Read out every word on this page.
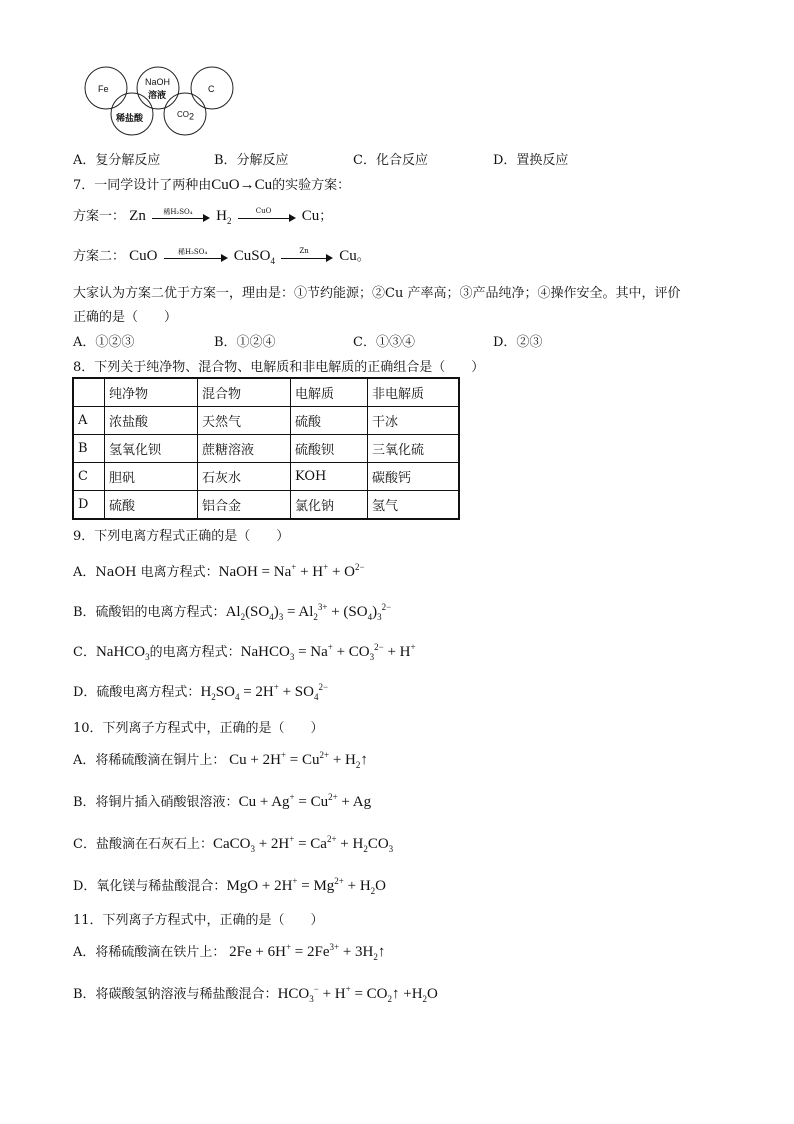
Fe
NaOH
溶液
C
稀盐酸	$CO_2$
A．复分解反应	B．分解反应	C．化合反应	D．置换反应
7．一同学设计了两种由CuO→Cu的实验方案：
方案一： Zn	稀H₂SO₄	$H_2$
CuO	Cu；
方案二： CuO	稀H₂SO₄	CuSO$_4$
Zn	Cu。
大家认为方案二优于方案一，理由是：①节约能源；②Cu 产率高；③产品纯净；④操作安全。其中，评价
正确的是（　　）
A．①②③	B．①②④	C．①③④	D．②③
8．下列关于纯净物、混合物、电解质和非电解质的正确组合是（　　）
	纯净物	混合物	电解质	非电解质
A	浓盐酸	天然气	硫酸	干冰
B	氢氧化钡	蔗糖溶液	硫酸钡	三氧化硫
C	胆矾	石灰水	KOH	碳酸钙
D	硫酸	铝合金	氯化钠	氢气
9．下列电离方程式正确的是（　　）
A．NaOH 电离方程式：NaOH = $Na^+ + H^+ + O^{2-}$
B．硫酸铝的电离方程式：$Al_2(SO_4)_3 = Al_2^{3+} + (SO_4)_3^{2-}$
C．NaHCO$_3$的电离方程式：NaHCO$_3$ = $Na^+ + CO_3^{2-} + H^+$
D．硫酸电离方程式：$H_2SO_4 = 2H^+ + SO_4^{2-}$
10．下列离子方程式中，正确的是（　　）
A．将稀硫酸滴在铜片上： $Cu + 2H^+ = Cu^{2+}$ + $H_2↑$
B．将铜片插入硝酸银溶液：$Cu + Ag^+ = Cu^{2+} + Ag$
C．盐酸滴在石灰石上：CaCO$_3$ + $2H^+ = Ca^{2+} + H_2CO_3$
D．氧化镁与稀盐酸混合：MgO + $2H^+ = Mg^{2+} + H_2O$
11．下列离子方程式中，正确的是（　　）
A．将稀硫酸滴在铁片上： $2Fe + 6H^+ = 2Fe^{3+}$ + $3H_2↑$
B．将碳酸氢钠溶液与稀盐酸混合：$HCO_3^- + H^+$ = $CO_2↑ +H_2O$
